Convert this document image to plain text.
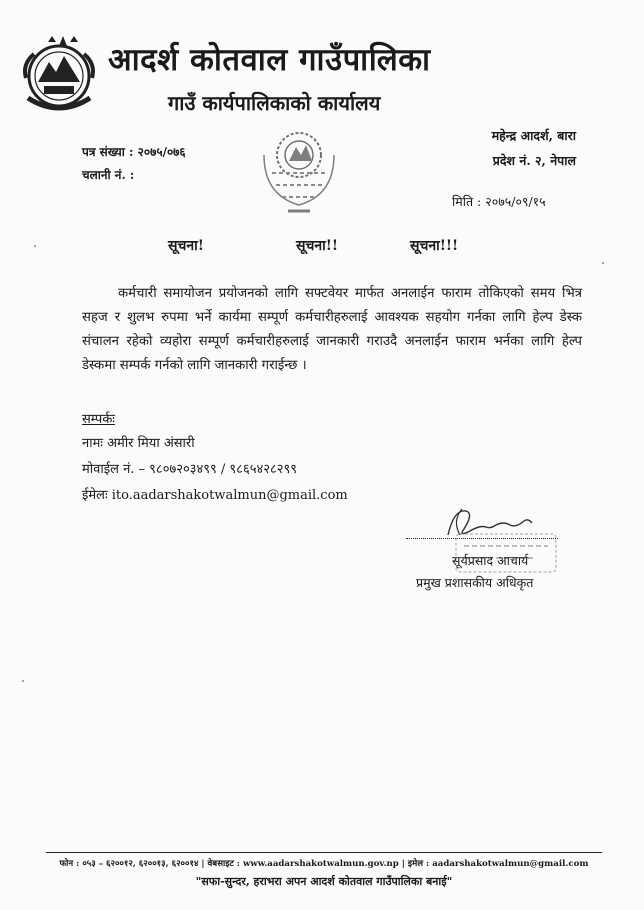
आदर्श कोतवाल गाउँपालिका
गाउँ कार्यपालिकाको कार्यालय
पत्र संख्या : २०७५/०७६
चलानी नं. :
महेन्द्र आदर्श, बारा
प्रदेश नं. २, नेपाल
मिति : २०७५/०९/१५
सूचना!	सूचना!!	सूचना!!!
कर्मचारी समायोजन प्रयोजनको लागि सफ्टवेयर मार्फत अनलाईन फाराम तोकिएको समय भित्र सहज र शुलभ रुपमा भर्ने कार्यमा सम्पूर्ण कर्मचारीहरुलाई आवश्यक सहयोग गर्नका लागि हेल्प डेस्क संचालन रहेको व्यहोरा सम्पूर्ण कर्मचारीहरुलाई जानकारी गराउदै अनलाईन फाराम भर्नका लागि हेल्प डेस्कमा सम्पर्क गर्नको लागि जानकारी गराईन्छ ।
सम्पर्कः
नामः अमीर मिया अंसारी
मोवाईल नं. – ९८०७२०३४९९ / ९८६५४२८२९९
ईमेलः ito.aadarshakotwalmun@gmail.com
सूर्यप्रसाद आचार्य
प्रमुख प्रशासकीय अधिकृत
फोन : ०५३ – ६२००१२, ६२००१३, ६२००१४ | वेबसाइट : www.aadarshakotwalmun.gov.np | इमेल : aadarshakotwalmun@gmail.com
"सफा-सुन्दर, हराभरा अपन आदर्श कोतवाल गाउँपालिका बनाई"
